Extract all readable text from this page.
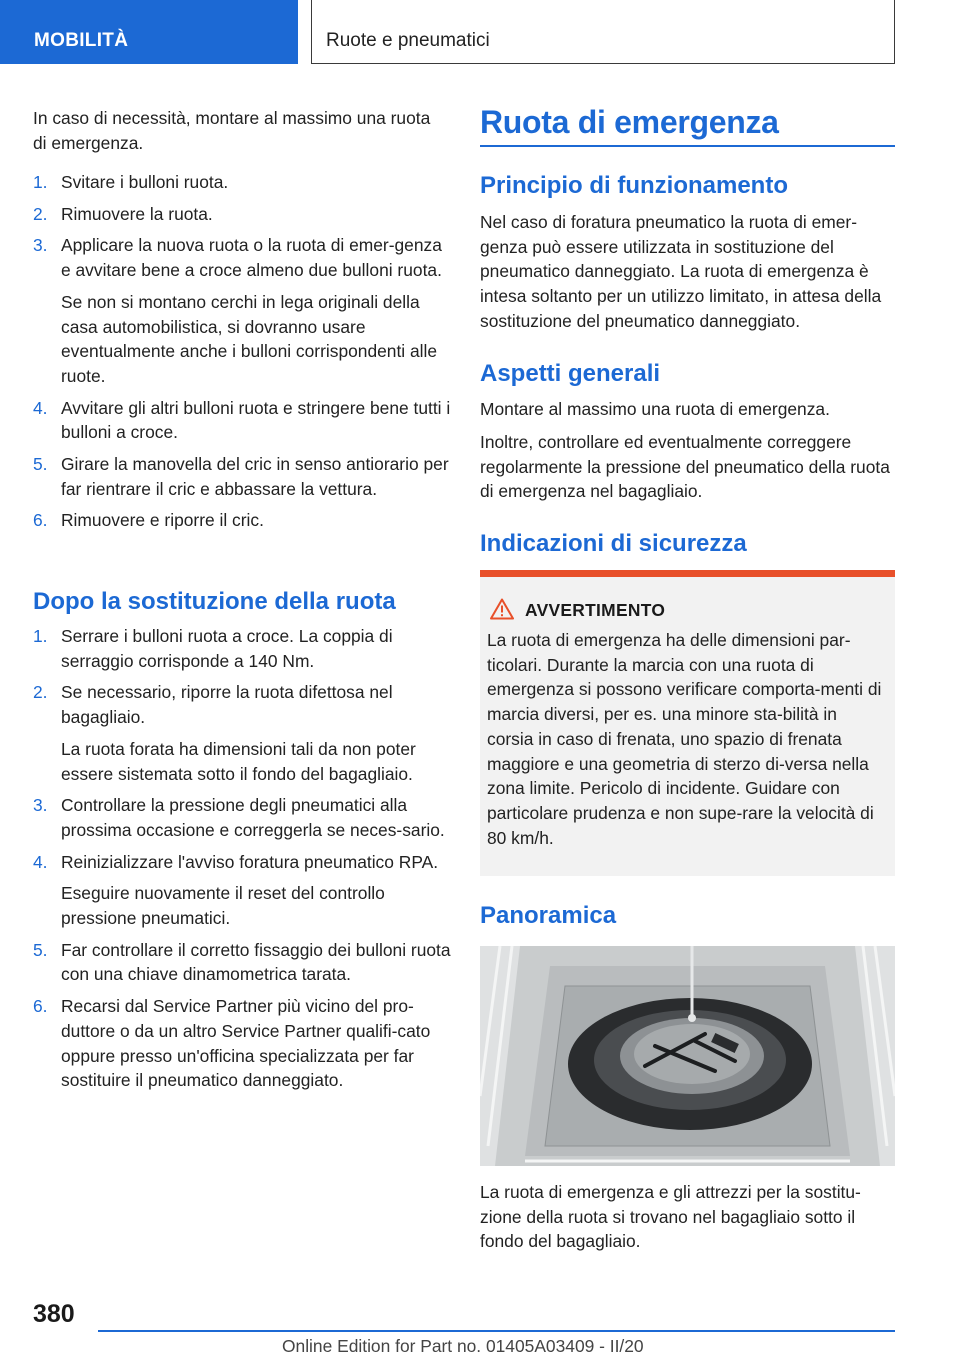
MOBILITÀ	Ruote e pneumatici

In caso di necessità, montare al massimo una ruota di emergenza.

1. Svitare i bulloni ruota.
2. Rimuovere la ruota.
3. Applicare la nuova ruota o la ruota di emer-genza e avvitare bene a croce almeno due bulloni ruota.
Se non si montano cerchi in lega originali della casa automobilistica, si dovranno usare eventualmente anche i bulloni corrispondenti alle ruote.
4. Avvitare gli altri bulloni ruota e stringere bene tutti i bulloni a croce.
5. Girare la manovella del cric in senso antiorario per far rientrare il cric e abbassare la vettura.
6. Rimuovere e riporre il cric.
Dopo la sostituzione della ruota
1. Serrare i bulloni ruota a croce. La coppia di serraggio corrisponde a 140 Nm.
2. Se necessario, riporre la ruota difettosa nel bagagliaio.
La ruota forata ha dimensioni tali da non poter essere sistemata sotto il fondo del bagagliaio.
3. Controllare la pressione degli pneumatici alla prossima occasione e correggerla se neces-sario.
4. Reinizializzare l'avviso foratura pneumatico RPA.
Eseguire nuovamente il reset del controllo pressione pneumatici.
5. Far controllare il corretto fissaggio dei bulloni ruota con una chiave dinamometrica tarata.
6. Recarsi dal Service Partner più vicino del pro-duttore o da un altro Service Partner qualifi-cato oppure presso un'officina specializzata per far sostituire il pneumatico danneggiato.
Ruota di emergenza
Principio di funzionamento

Nel caso di foratura pneumatico la ruota di emer-genza può essere utilizzata in sostituzione del pneumatico danneggiato. La ruota di emergenza è intesa soltanto per un utilizzo limitato, in attesa della sostituzione del pneumatico danneggiato.

Aspetti generali

Montare al massimo una ruota di emergenza.

Inoltre, controllare ed eventualmente correggere regolarmente la pressione del pneumatico della ruota di emergenza nel bagagliaio.

Indicazioni di sicurezza
Panoramica

La ruota di emergenza e gli attrezzi per la sostitu-zione della ruota si trovano nel bagagliaio sotto il fondo del bagagliaio.

AVVERTIMENTO

La ruota di emergenza ha delle dimensioni par-ticolari. Durante la marcia con una ruota di emergenza si possono verificare comporta-menti di marcia diversi, per es. una minore sta-bilità in corsia in caso di frenata, uno spazio di frenata maggiore e una geometria di sterzo di-versa nella zona limite. Pericolo di incidente. Guidare con particolare prudenza e non supe-rare la velocità di 80 km/h.

380
Online Edition for Part no. 01405A03409 - II/20
